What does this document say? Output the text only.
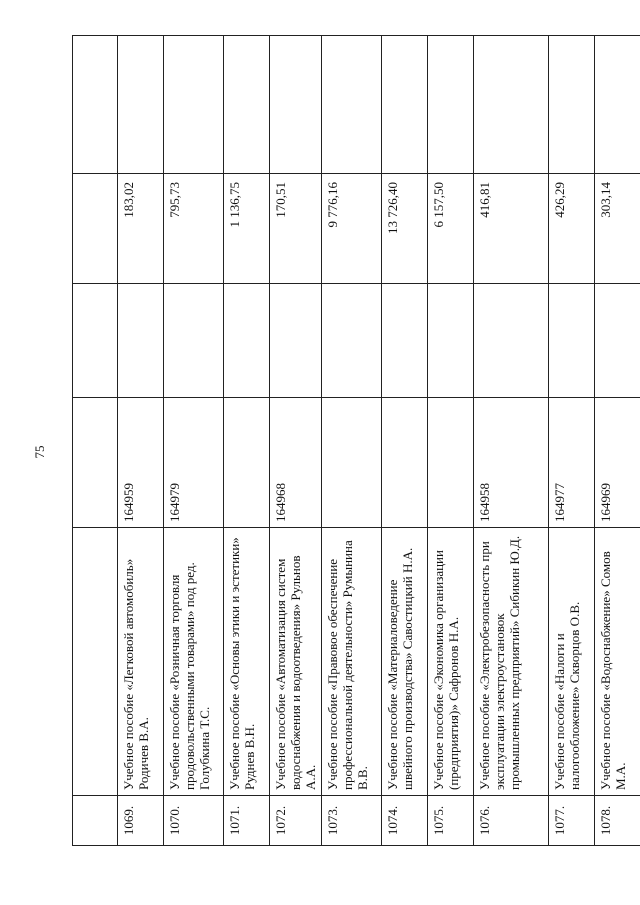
75

1069.	Учебное пособие «Легковой автомобиль» Родичев В.А.	164959		183,02	
1070.	Учебное пособие «Розничная торговля продовольственными товарами» под ред. Голубкина Т.С.	164979		795,73	
1071.	Учебное пособие «Основы этики и эстетики» Руднев В.Н.			1 136,75	
1072.	Учебное пособие «Автоматизация систем водоснабжения и водоотведения» Рульнов А.А.	164968		170,51	
1073.	Учебное пособие «Правовое обеспечение профессиональной деятельности» Румынина В.В.			9 776,16	
1074.	Учебное пособие «Материаловедение швейного производства» Савостицкий Н.А.			13 726,40	
1075.	Учебное пособие «Экономика организации (предприятия)» Сафронов Н.А.			6 157,50	
1076.	Учебное пособие «Электробезопасность при эксплуатации электроустановок промышленных предприятий» Сибикин Ю.Д.	164958		416,81	
1077.	Учебное пособие «Налоги и налогообложение» Скворцов О.В.	164977		426,29	
1078.	Учебное пособие «Водоснабжение» Сомов М.А.	164969		303,14	
